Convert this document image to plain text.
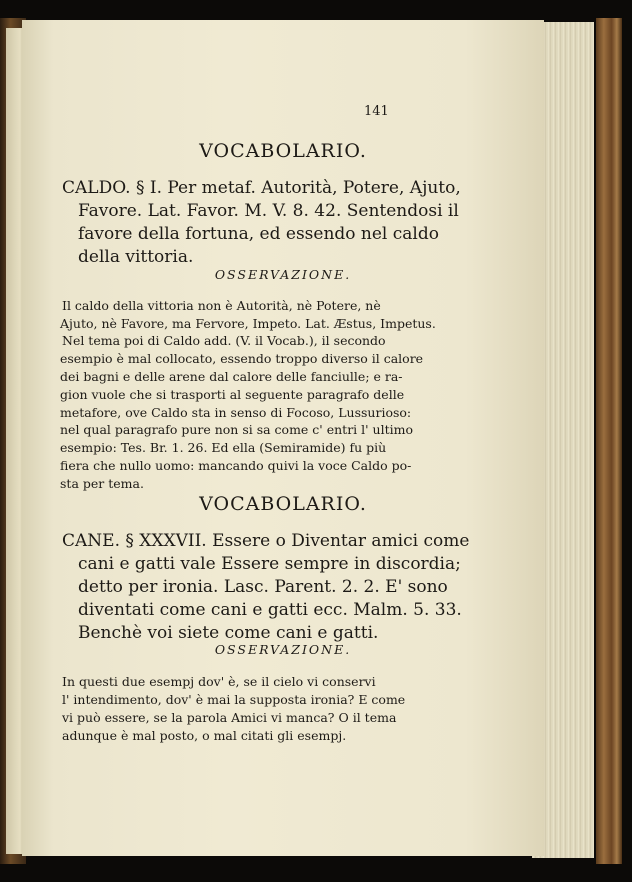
141
VOCABOLARIO.
CALDO. § I. Per metaf. Autorità, Potere, Ajuto,
Favore. Lat. Favor. M. V. 8. 42. Sentendosi il
favore della fortuna, ed essendo nel caldo
della vittoria.
OSSERVAZIONE.
Il caldo della vittoria non è Autorità, nè Potere, nè
Ajuto, nè Favore, ma Fervore, Impeto. Lat. Æstus, Impetus.
Nel tema poi di Caldo add. (V. il Vocab.), il secondo
esempio è mal collocato, essendo troppo diverso il calore
dei bagni e delle arene dal calore delle fanciulle; e ra-
gion vuole che si trasporti al seguente paragrafo delle
metafore, ove Caldo sta in senso di Focoso, Lussurioso:
nel qual paragrafo pure non si sa come c' entri l' ultimo
esempio: Tes. Br. 1. 26. Ed ella (Semiramide) fu più
fiera che nullo uomo: mancando quivi la voce Caldo po-
sta per tema.
VOCABOLARIO.
CANE. § XXXVII. Essere o Diventar amici come
cani e gatti vale Essere sempre in discordia;
detto per ironia. Lasc. Parent. 2. 2. E' sono
diventati come cani e gatti ecc. Malm. 5. 33.
Benchè voi siete come cani e gatti.
OSSERVAZIONE.
In questi due esempj dov' è, se il cielo vi conservi
l' intendimento, dov' è mai la supposta ironia? E come
vi può essere, se la parola Amici vi manca? O il tema
adunque è mal posto, o mal citati gli esempj.
